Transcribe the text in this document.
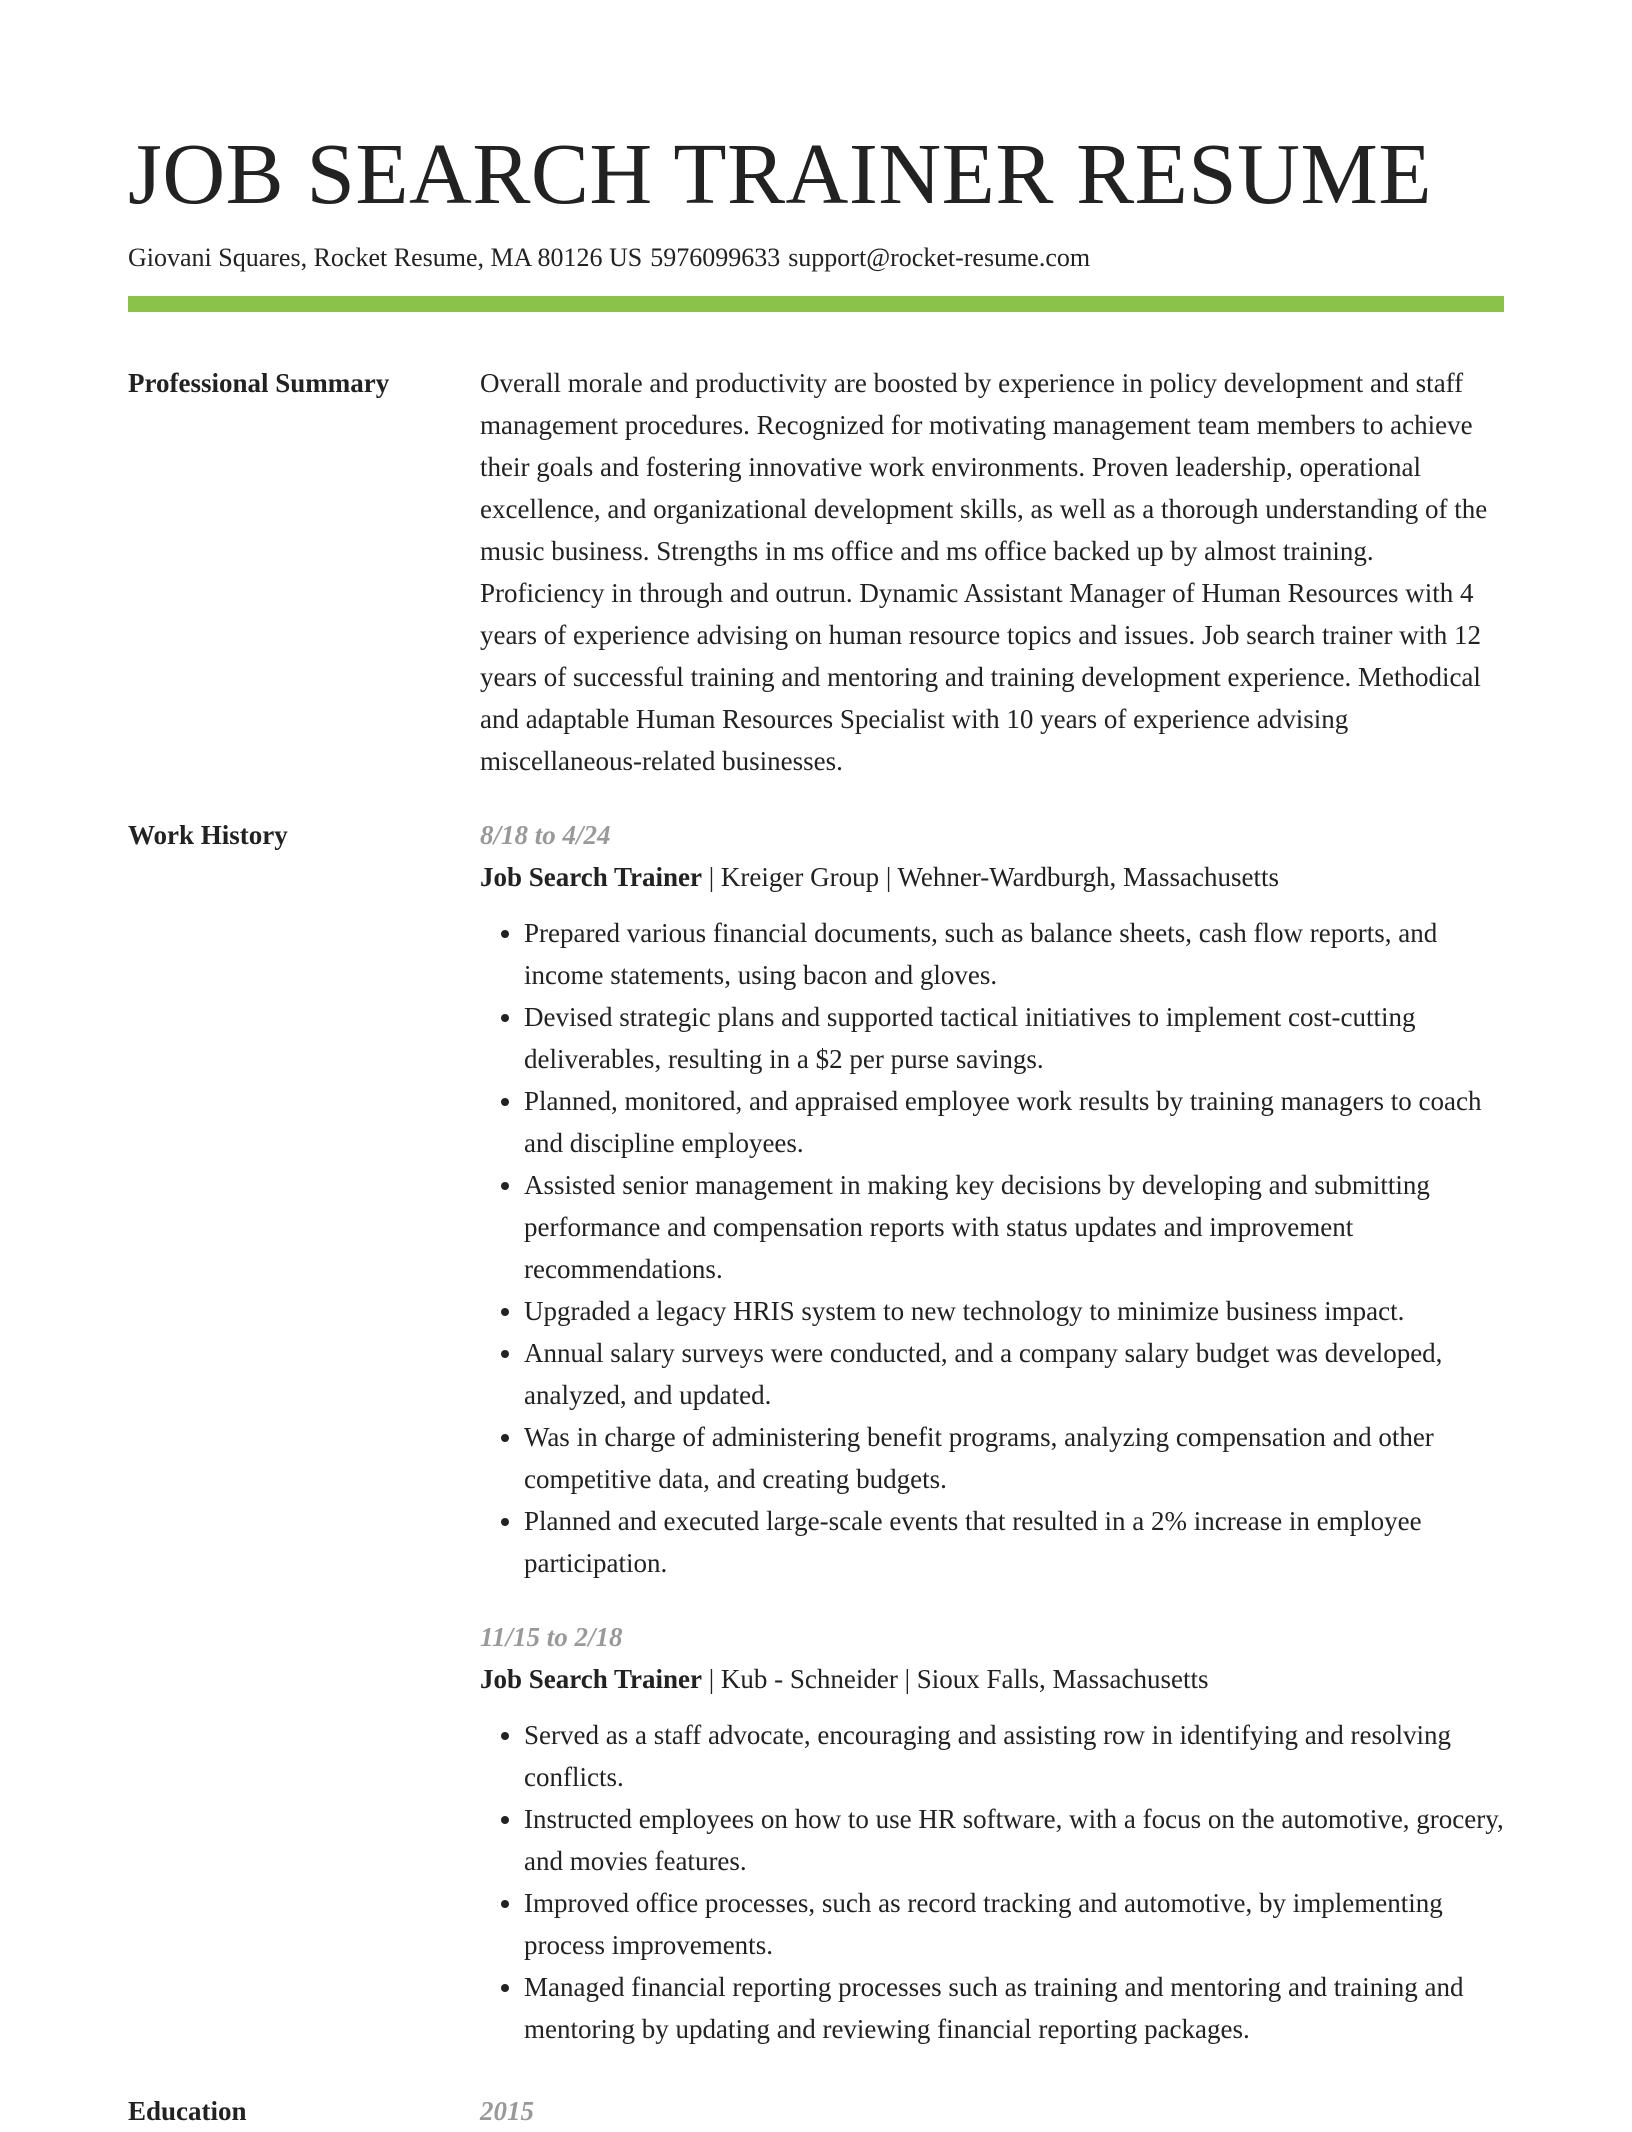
JOB SEARCH TRAINER RESUME
Giovani Squares, Rocket Resume, MA 80126 US 5976099633 support@rocket-resume.com
Professional Summary	Overall morale and productivity are boosted by experience in policy development and staff management procedures. Recognized for motivating management team members to achieve their goals and fostering innovative work environments. Proven leadership, operational excellence, and organizational development skills, as well as a thorough understanding of the music business. Strengths in ms office and ms office backed up by almost training. Proficiency in through and outrun. Dynamic Assistant Manager of Human Resources with 4 years of experience advising on human resource topics and issues. Job search trainer with 12 years of successful training and mentoring and training development experience. Methodical and adaptable Human Resources Specialist with 10 years of experience advising miscellaneous-related businesses.
Work History	8/18 to 4/24
Job Search Trainer | Kreiger Group | Wehner-Wardburgh, Massachusetts
• Prepared various financial documents, such as balance sheets, cash flow reports, and income statements, using bacon and gloves.
• Devised strategic plans and supported tactical initiatives to implement cost-cutting deliverables, resulting in a $2 per purse savings.
• Planned, monitored, and appraised employee work results by training managers to coach and discipline employees.
• Assisted senior management in making key decisions by developing and submitting performance and compensation reports with status updates and improvement recommendations.
• Upgraded a legacy HRIS system to new technology to minimize business impact.
• Annual salary surveys were conducted, and a company salary budget was developed, analyzed, and updated.
• Was in charge of administering benefit programs, analyzing compensation and other competitive data, and creating budgets.
• Planned and executed large-scale events that resulted in a 2% increase in employee participation.
11/15 to 2/18
Job Search Trainer | Kub - Schneider | Sioux Falls, Massachusetts
• Served as a staff advocate, encouraging and assisting row in identifying and resolving conflicts.
• Instructed employees on how to use HR software, with a focus on the automotive, grocery, and movies features.
• Improved office processes, such as record tracking and automotive, by implementing process improvements.
• Managed financial reporting processes such as training and mentoring and training and mentoring by updating and reviewing financial reporting packages.
Education	2015
